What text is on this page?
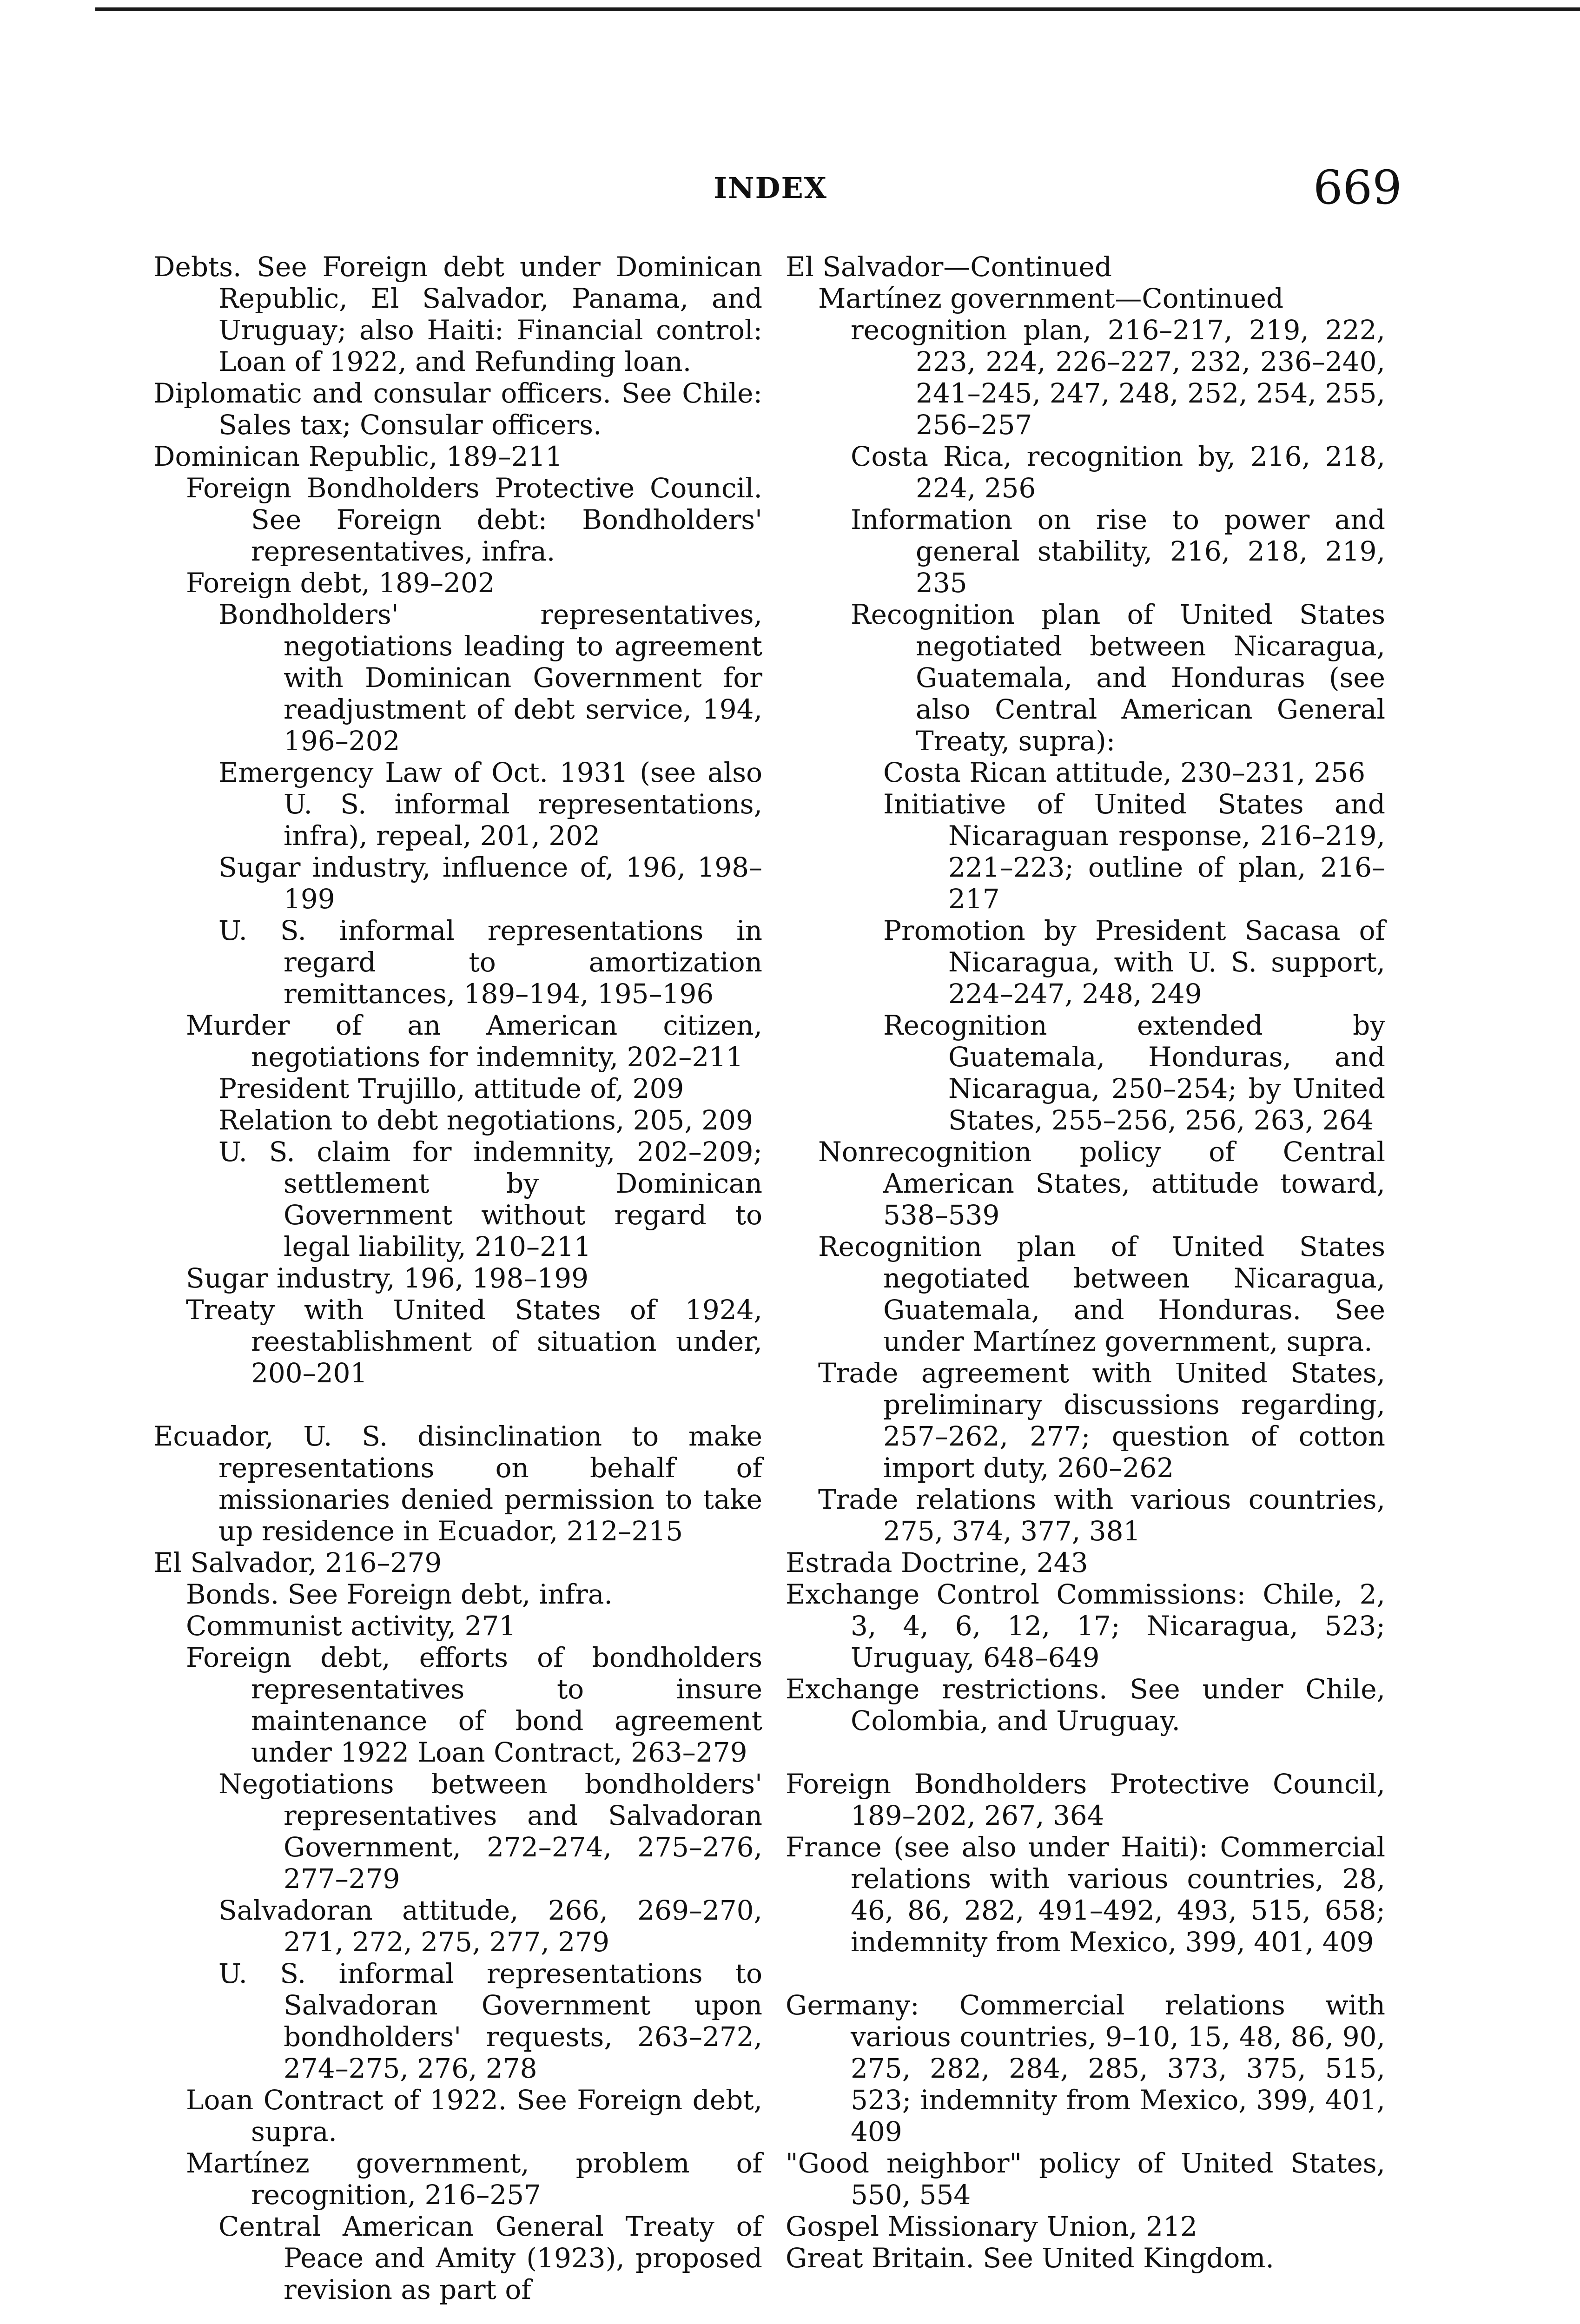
INDEX	669
Debts. See Foreign debt under Dominican Republic, El Salvador, Panama, and Uruguay; also Haiti: Financial control: Loan of 1922, and Refunding loan.
Diplomatic and consular officers. See Chile: Sales tax; Consular officers.
Dominican Republic, 189–211
Foreign Bondholders Protective Council. See Foreign debt: Bondholders' representatives, infra.
Foreign debt, 189–202
Bondholders' representatives, negotiations leading to agreement with Dominican Government for readjustment of debt service, 194, 196–202
Emergency Law of Oct. 1931 (see also U. S. informal representations, infra), repeal, 201, 202
Sugar industry, influence of, 196, 198–199
U. S. informal representations in regard to amortization remittances, 189–194, 195–196
Murder of an American citizen, negotiations for indemnity, 202–211
President Trujillo, attitude of, 209
Relation to debt negotiations, 205, 209
U. S. claim for indemnity, 202–209; settlement by Dominican Government without regard to legal liability, 210–211
Sugar industry, 196, 198–199
Treaty with United States of 1924, reestablishment of situation under, 200–201
Ecuador, U. S. disinclination to make representations on behalf of missionaries denied permission to take up residence in Ecuador, 212–215
El Salvador, 216–279
Bonds. See Foreign debt, infra.
Communist activity, 271
Foreign debt, efforts of bondholders representatives to insure maintenance of bond agreement under 1922 Loan Contract, 263–279
Negotiations between bondholders' representatives and Salvadoran Government, 272–274, 275–276, 277–279
Salvadoran attitude, 266, 269–270, 271, 272, 275, 277, 279
U. S. informal representations to Salvadoran Government upon bondholders' requests, 263–272, 274–275, 276, 278
Loan Contract of 1922. See Foreign debt, supra.
Martínez government, problem of recognition, 216–257
Central American General Treaty of Peace and Amity (1923), proposed revision as part of
El Salvador—Continued
Martínez government—Continued
recognition plan, 216–217, 219, 222, 223, 224, 226–227, 232, 236–240, 241–245, 247, 248, 252, 254, 255, 256–257
Costa Rica, recognition by, 216, 218, 224, 256
Information on rise to power and general stability, 216, 218, 219, 235
Recognition plan of United States negotiated between Nicaragua, Guatemala, and Honduras (see also Central American General Treaty, supra):
Costa Rican attitude, 230–231, 256
Initiative of United States and Nicaraguan response, 216–219, 221–223; outline of plan, 216–217
Promotion by President Sacasa of Nicaragua, with U. S. support, 224–247, 248, 249
Recognition extended by Guatemala, Honduras, and Nicaragua, 250–254; by United States, 255–256, 256, 263, 264
Nonrecognition policy of Central American States, attitude toward, 538–539
Recognition plan of United States negotiated between Nicaragua, Guatemala, and Honduras. See under Martínez government, supra.
Trade agreement with United States, preliminary discussions regarding, 257–262, 277; question of cotton import duty, 260–262
Trade relations with various countries, 275, 374, 377, 381
Estrada Doctrine, 243
Exchange Control Commissions: Chile, 2, 3, 4, 6, 12, 17; Nicaragua, 523; Uruguay, 648–649
Exchange restrictions. See under Chile, Colombia, and Uruguay.
Foreign Bondholders Protective Council, 189–202, 267, 364
France (see also under Haiti): Commercial relations with various countries, 28, 46, 86, 282, 491–492, 493, 515, 658; indemnity from Mexico, 399, 401, 409
Germany: Commercial relations with various countries, 9–10, 15, 48, 86, 90, 275, 282, 284, 285, 373, 375, 515, 523; indemnity from Mexico, 399, 401, 409
"Good neighbor" policy of United States, 550, 554
Gospel Missionary Union, 212
Great Britain. See United Kingdom.
